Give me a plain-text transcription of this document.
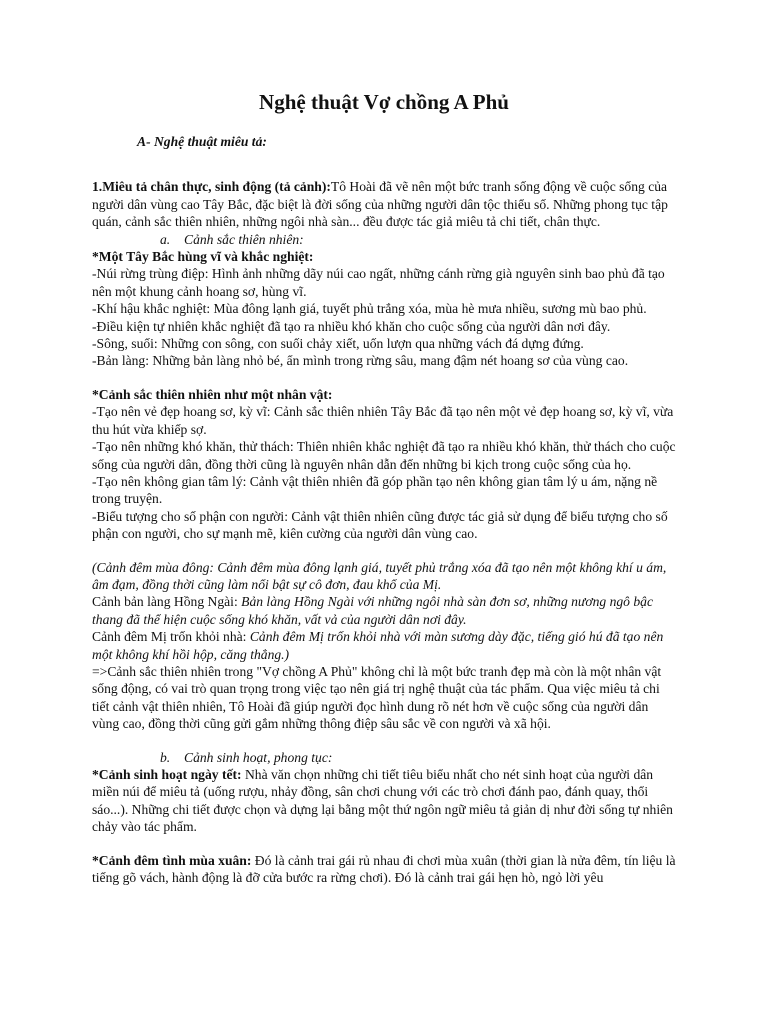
Nghệ thuật Vợ chồng A Phủ

A- Nghệ thuật miêu tả:

1.Miêu tả chân thực, sinh động (tả cảnh):Tô Hoài đã vẽ nên một bức tranh sống động về cuộc sống của người dân vùng cao Tây Bắc, đặc biệt là đời sống của những người dân tộc thiểu số. Những phong tục tập quán, cảnh sắc thiên nhiên, những ngôi nhà sàn... đều được tác giả miêu tả chi tiết, chân thực.

a. Cảnh sắc thiên nhiên:

*Một Tây Bắc hùng vĩ và khắc nghiệt:

-Núi rừng trùng điệp: Hình ảnh những dãy núi cao ngất, những cánh rừng già nguyên sinh bao phủ đã tạo nên một khung cảnh hoang sơ, hùng vĩ.

-Khí hậu khắc nghiệt: Mùa đông lạnh giá, tuyết phủ trắng xóa, mùa hè mưa nhiều, sương mù bao phủ.

-Điều kiện tự nhiên khắc nghiệt đã tạo ra nhiều khó khăn cho cuộc sống của người dân nơi đây.

-Sông, suối: Những con sông, con suối chảy xiết, uốn lượn qua những vách đá dựng đứng.

-Bản làng: Những bản làng nhỏ bé, ẩn mình trong rừng sâu, mang đậm nét hoang sơ của vùng cao.

*Cảnh sắc thiên nhiên như một nhân vật:

-Tạo nên vẻ đẹp hoang sơ, kỳ vĩ: Cảnh sắc thiên nhiên Tây Bắc đã tạo nên một vẻ đẹp hoang sơ, kỳ vĩ, vừa thu hút vừa khiếp sợ.

-Tạo nên những khó khăn, thử thách: Thiên nhiên khắc nghiệt đã tạo ra nhiều khó khăn, thử thách cho cuộc sống của người dân, đồng thời cũng là nguyên nhân dẫn đến những bi kịch trong cuộc sống của họ.

-Tạo nên không gian tâm lý: Cảnh vật thiên nhiên đã góp phần tạo nên không gian tâm lý u ám, nặng nề trong truyện.

-Biểu tượng cho số phận con người: Cảnh vật thiên nhiên cũng được tác giả sử dụng để biểu tượng cho số phận con người, cho sự mạnh mẽ, kiên cường của người dân vùng cao.

(Cảnh đêm mùa đông: Cảnh đêm mùa đông lạnh giá, tuyết phủ trắng xóa đã tạo nên một không khí u ám, âm đạm, đồng thời cũng làm nổi bật sự cô đơn, đau khổ của Mị.

Cảnh bản làng Hồng Ngài: Bản làng Hồng Ngài với những ngôi nhà sàn đơn sơ, những nương ngô bậc thang đã thể hiện cuộc sống khó khăn, vất vả của người dân nơi đây.

Cảnh đêm Mị trốn khỏi nhà: Cảnh đêm Mị trốn khỏi nhà với màn sương dày đặc, tiếng gió hú đã tạo nên một không khí hồi hộp, căng thẳng.)

=>Cảnh sắc thiên nhiên trong "Vợ chồng A Phủ" không chỉ là một bức tranh đẹp mà còn là một nhân vật sống động, có vai trò quan trọng trong việc tạo nên giá trị nghệ thuật của tác phẩm. Qua việc miêu tả chi tiết cảnh vật thiên nhiên, Tô Hoài đã giúp người đọc hình dung rõ nét hơn về cuộc sống của người dân vùng cao, đồng thời cũng gửi gắm những thông điệp sâu sắc về con người và xã hội.

b. Cảnh sinh hoạt, phong tục:

*Cảnh sinh hoạt ngày tết: Nhà văn chọn những chi tiết tiêu biểu nhất cho nét sinh hoạt của người dân miền núi để miêu tả (uống rượu, nhảy đồng, sân chơi chung với các trò chơi đánh pao, đánh quay, thổi sáo...). Những chi tiết được chọn và dựng lại bằng một thứ ngôn ngữ miêu tả giản dị như đời sống tự nhiên chảy vào tác phẩm.

*Cảnh đêm tình mùa xuân: Đó là cảnh trai gái rủ nhau đi chơi mùa xuân (thời gian là nửa đêm, tín liệu là tiếng gõ vách, hành động là đỡ cửa bước ra rừng chơi). Đó là cảnh trai gái hẹn hò, ngỏ lời yêu
